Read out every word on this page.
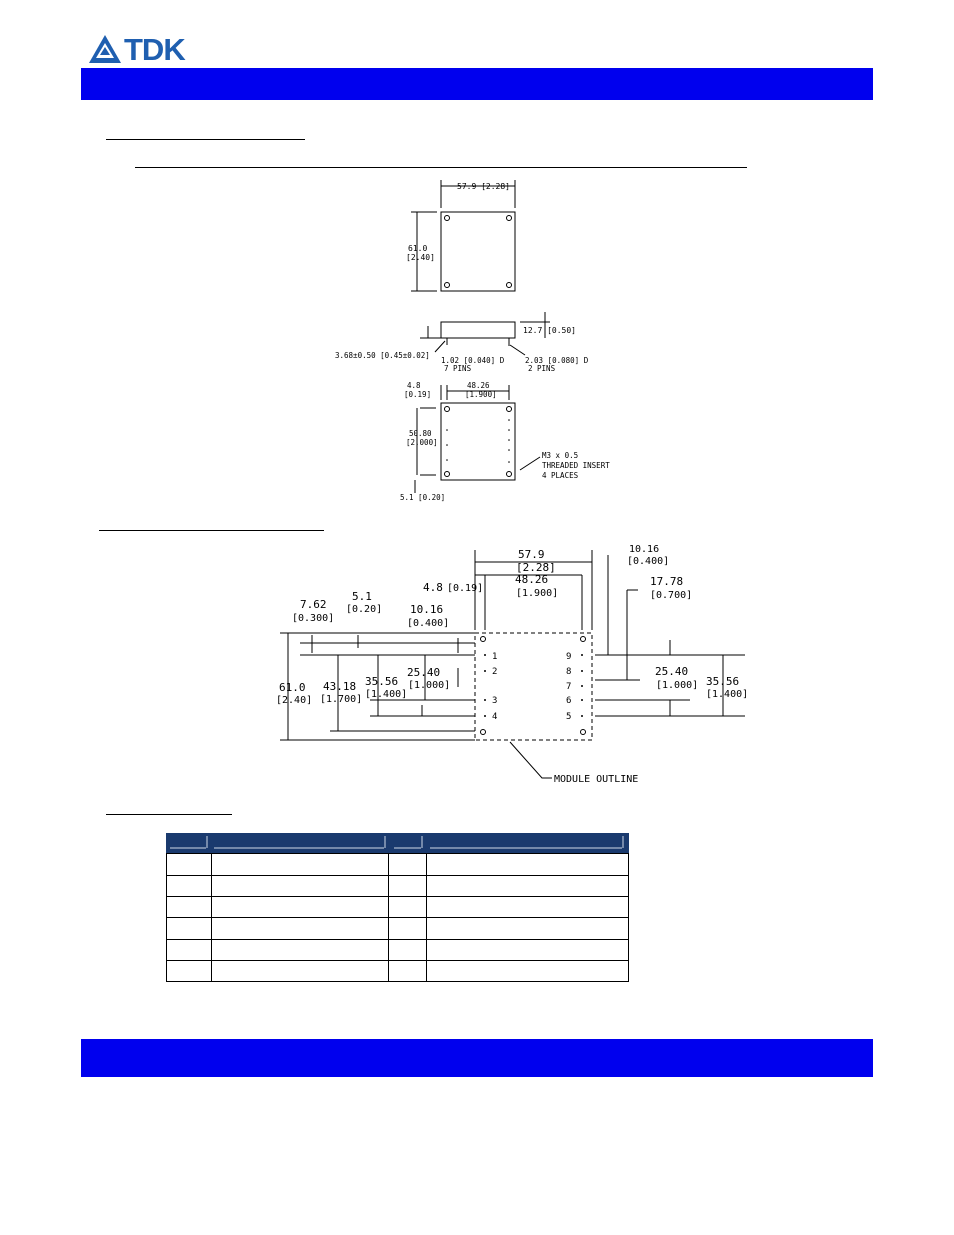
TDK
57.9 [2.28]
61.0
[2.40]
12.7 [0.50]
3.68±0.50 [0.45±0.02]
1.02 [0.040] D
7 PINS
2.03 [0.080] D
2 PINS
4.8
[0.19]
48.26
[1.900]
50.80
[2.000]
M3 x 0.5
THREADED INSERT
4 PLACES
5.1 [0.20]
1
2
3
4
9
8
7
6
5
57.9
[2.28]
10.16
[0.400]
48.26
[1.900]
4.8 [0.19]
17.78
[0.700]
5.1
[0.20]
7.62
[0.300]
10.16
[0.400]
25.40
[1.000]
35.56
[1.400]
43.18
[1.700]
61.0
[2.40]
25.40
[1.000] 35.56
[1.400]
MODULE OUTLINE
